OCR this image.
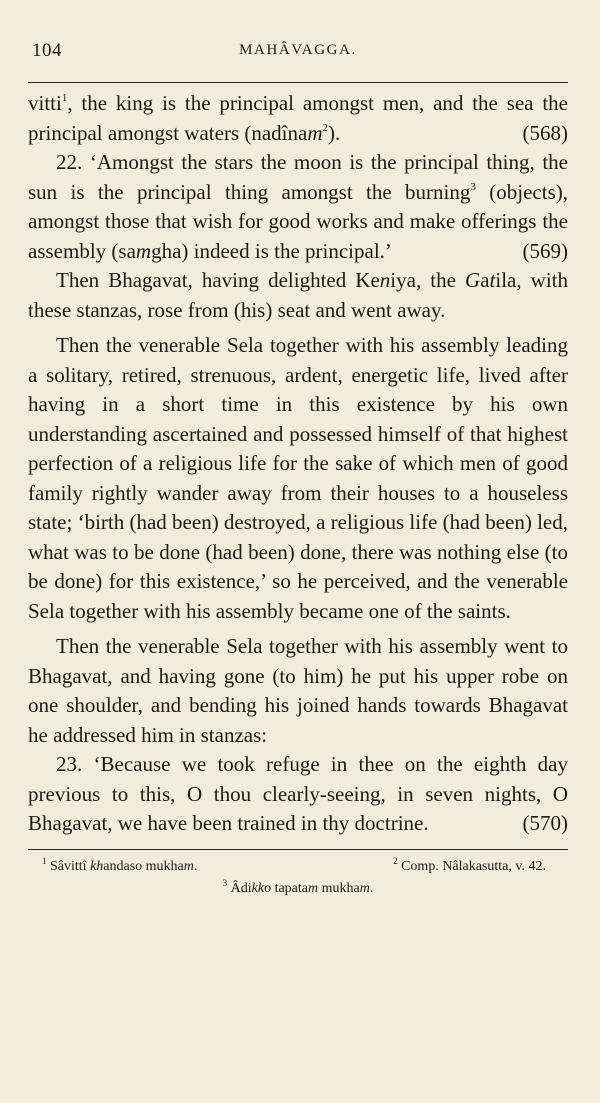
104	MAHÂVAGGA.

vitti$^1$, the king is the principal amongst men, and the sea the principal amongst waters (nadînam$^2$).	(568)

22. ‘Amongst the stars the moon is the principal thing, the sun is the principal thing amongst the burning$^3$ (objects), amongst those that wish for good works and make offerings the assembly (samgha) indeed is the principal.’	(569)

Then Bhagavat, having delighted Keniya, the Gatila, with these stanzas, rose from (his) seat and went away.

Then the venerable Sela together with his assembly leading a solitary, retired, strenuous, ardent, energetic life, lived after having in a short time in this existence by his own understanding ascertained and possessed himself of that highest perfection of a religious life for the sake of which men of good family rightly wander away from their houses to a houseless state; ‘birth (had been) destroyed, a religious life (had been) led, what was to be done (had been) done, there was nothing else (to be done) for this existence,’ so he perceived, and the venerable Sela together with his assembly became one of the saints.

Then the venerable Sela together with his assembly went to Bhagavat, and having gone (to him) he put his upper robe on one shoulder, and bending his joined hands towards Bhagavat he addressed him in stanzas:

23. ‘Because we took refuge in thee on the eighth day previous to this, O thou clearly-seeing, in seven nights, O Bhagavat, we have been trained in thy doctrine.	(570)

$^1$ Sâvittî khandaso mukham.	$^2$ Comp. Nâlakasutta, v. 42.
$^3$ Âdikko tapatam mukham.
